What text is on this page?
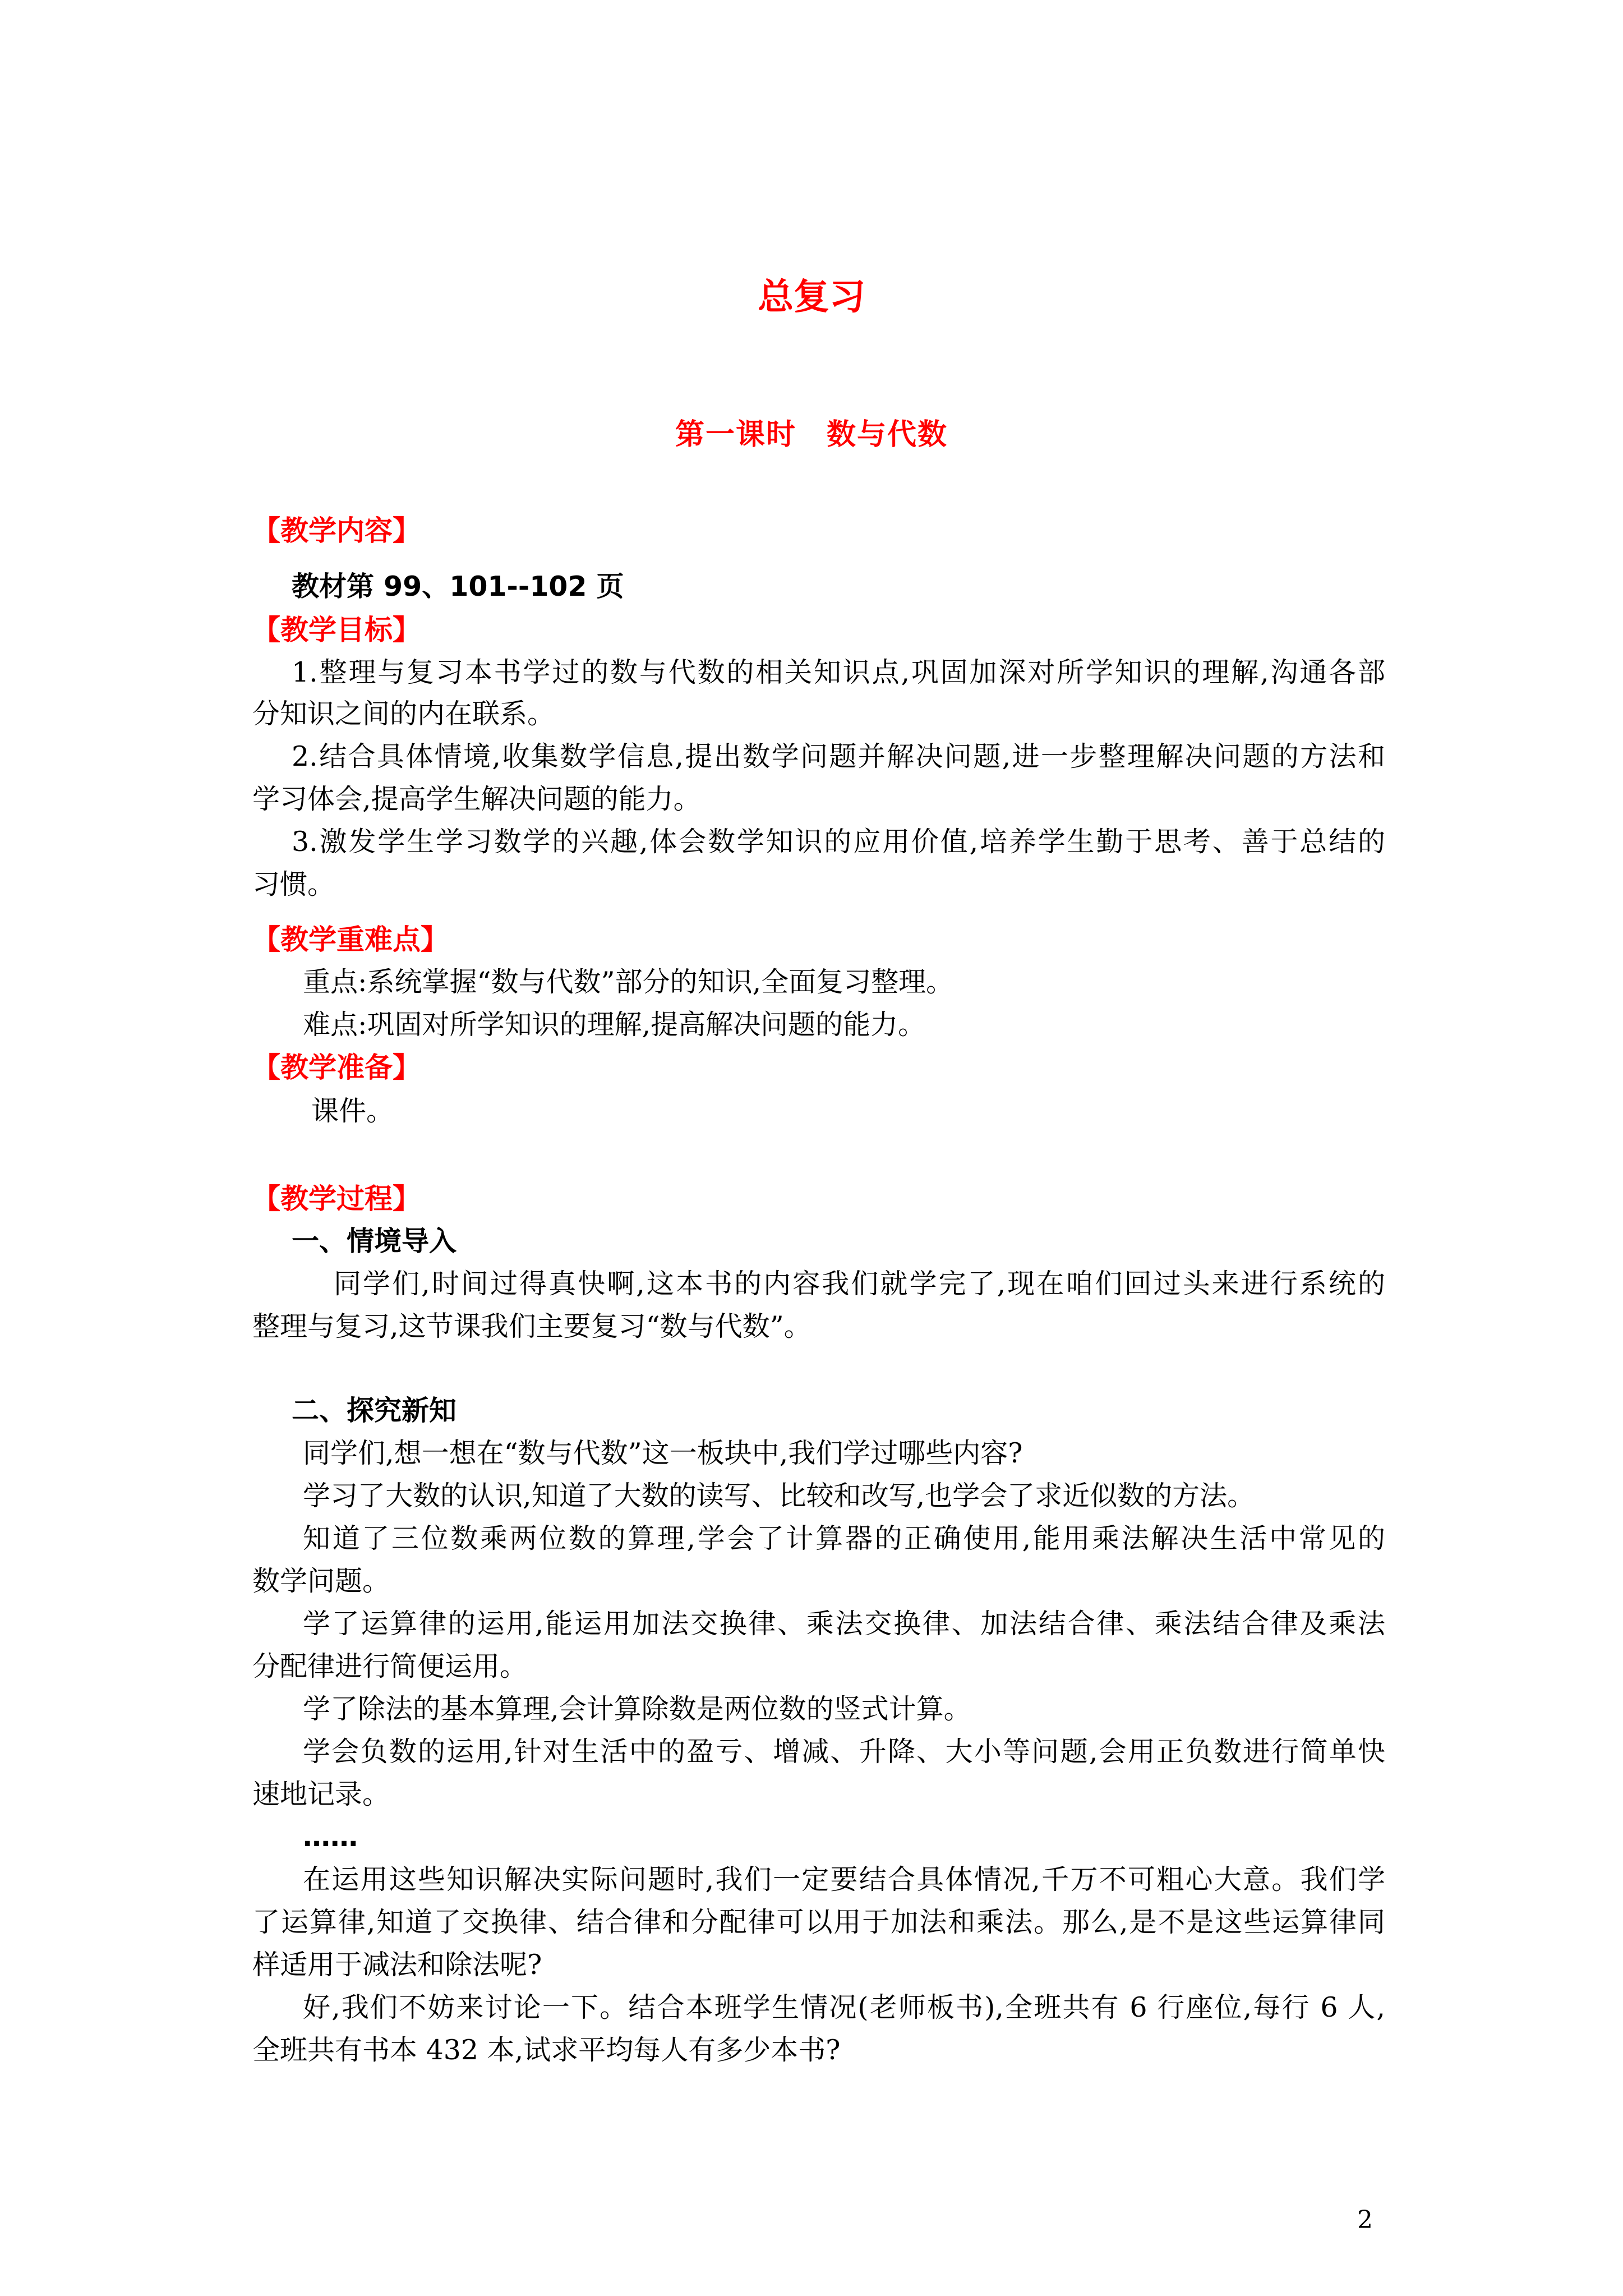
总复习
第一课时　数与代数
【教学内容】
教材第 99、101--102 页
【教学目标】
1.整理与复习本书学过的数与代数的相关知识点,巩固加深对所学知识的理解,沟通各部
分知识之间的内在联系。
2.结合具体情境,收集数学信息,提出数学问题并解决问题,进一步整理解决问题的方法和
学习体会,提高学生解决问题的能力。
3.激发学生学习数学的兴趣,体会数学知识的应用价值,培养学生勤于思考、善于总结的
习惯。
【教学重难点】
重点:系统掌握“数与代数”部分的知识,全面复习整理。
难点:巩固对所学知识的理解,提高解决问题的能力。
【教学准备】
课件。
【教学过程】
一、情境导入
同学们,时间过得真快啊,这本书的内容我们就学完了,现在咱们回过头来进行系统的
整理与复习,这节课我们主要复习“数与代数”。
二、探究新知
同学们,想一想在“数与代数”这一板块中,我们学过哪些内容?
学习了大数的认识,知道了大数的读写、比较和改写,也学会了求近似数的方法。
知道了三位数乘两位数的算理,学会了计算器的正确使用,能用乘法解决生活中常见的
数学问题。
学了运算律的运用,能运用加法交换律、乘法交换律、加法结合律、乘法结合律及乘法
分配律进行简便运用。
学了除法的基本算理,会计算除数是两位数的竖式计算。
学会负数的运用,针对生活中的盈亏、增减、升降、大小等问题,会用正负数进行简单快
速地记录。
……
在运用这些知识解决实际问题时,我们一定要结合具体情况,千万不可粗心大意。我们学
了运算律,知道了交换律、结合律和分配律可以用于加法和乘法。那么,是不是这些运算律同
样适用于减法和除法呢?
好,我们不妨来讨论一下。结合本班学生情况(老师板书),全班共有 6 行座位,每行 6 人,
全班共有书本 432 本,试求平均每人有多少本书?
2
